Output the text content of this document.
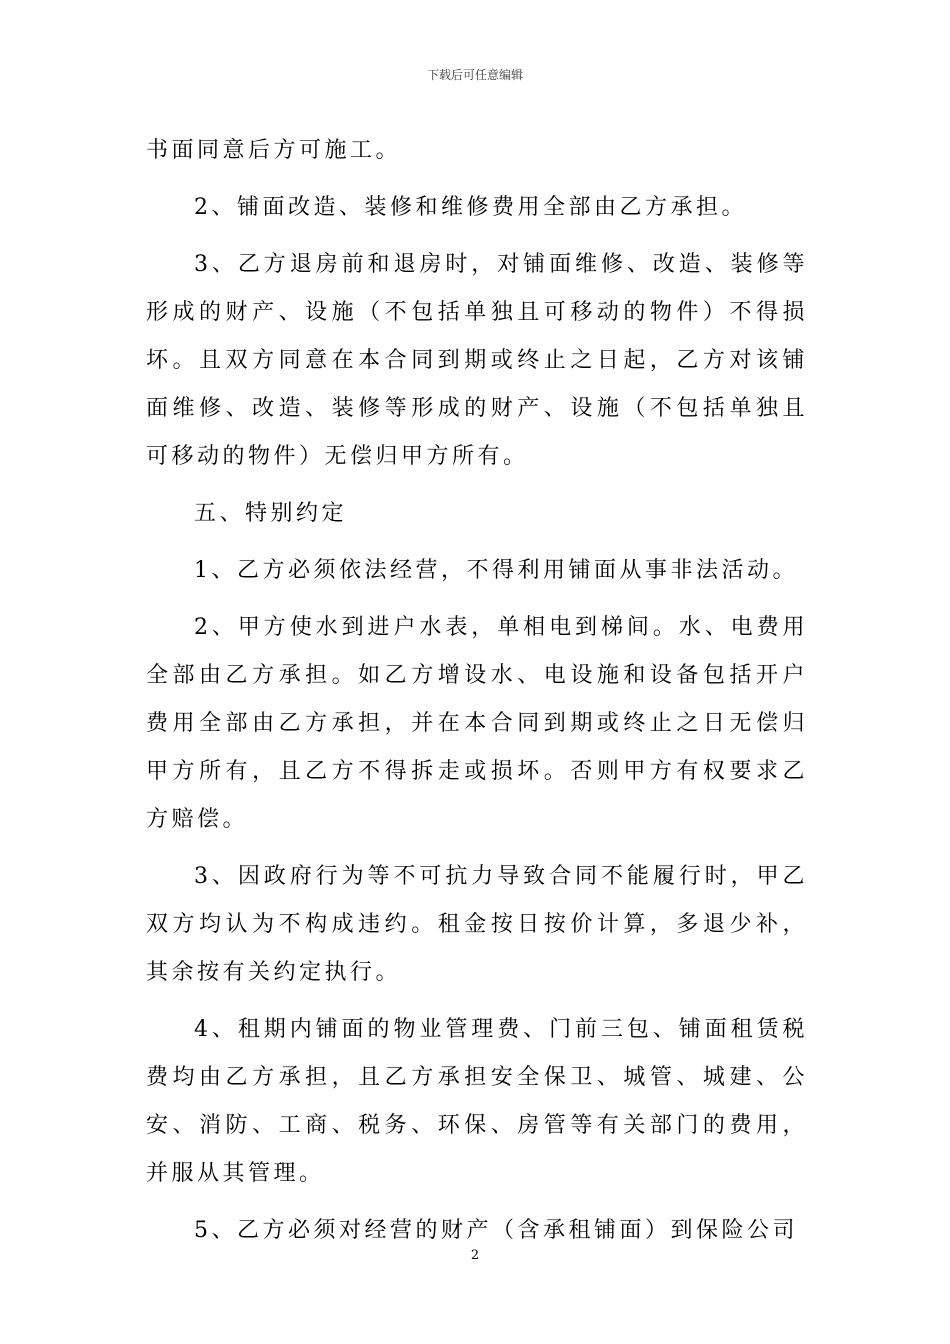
下载后可任意编辑

书面同意后方可施工。

2、铺面改造、装修和维修费用全部由乙方承担。

3、乙方退房前和退房时，对铺面维修、改造、装修等形成的财产、设施（不包括单独且可移动的物件）不得损坏。且双方同意在本合同到期或终止之日起，乙方对该铺面维修、改造、装修等形成的财产、设施（不包括单独且可移动的物件）无偿归甲方所有。

五、特别约定

1、乙方必须依法经营，不得利用铺面从事非法活动。

2、甲方使水到进户水表，单相电到梯间。水、电费用全部由乙方承担。如乙方增设水、电设施和设备包括开户费用全部由乙方承担，并在本合同到期或终止之日无偿归甲方所有，且乙方不得拆走或损坏。否则甲方有权要求乙方赔偿。

3、因政府行为等不可抗力导致合同不能履行时，甲乙双方均认为不构成违约。租金按日按价计算，多退少补，其余按有关约定执行。

4、租期内铺面的物业管理费、门前三包、铺面租赁税费均由乙方承担，且乙方承担安全保卫、城管、城建、公安、消防、工商、税务、环保、房管等有关部门的费用，并服从其管理。

5、乙方必须对经营的财产（含承租铺面）到保险公司

2
